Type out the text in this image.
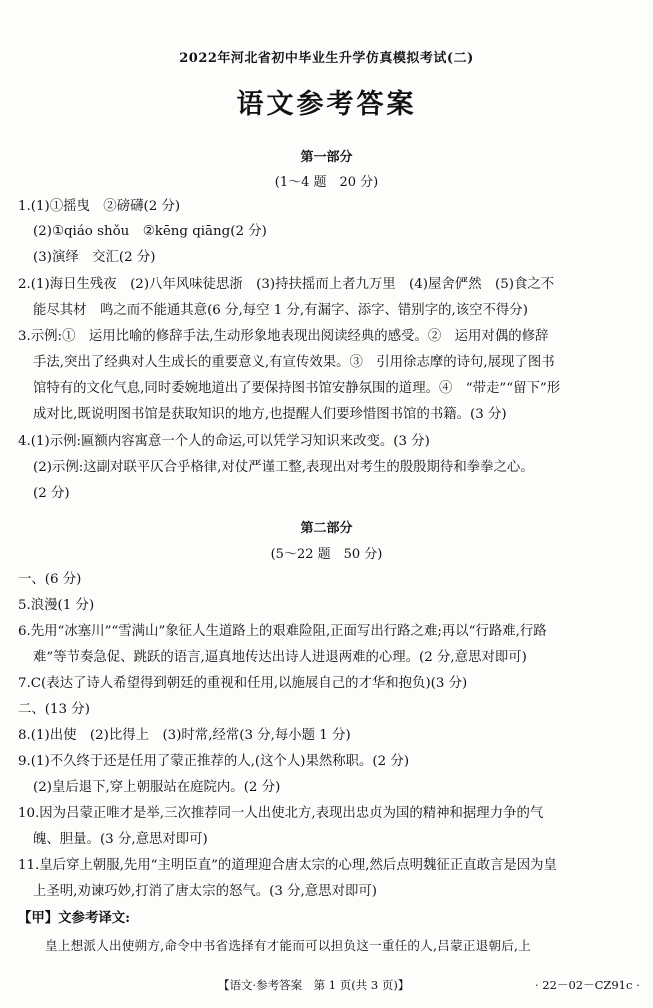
2022年河北省初中毕业生升学仿真模拟考试(二)
语文参考答案
第一部分
(1～4 题　20 分)
1.(1)①摇曳　②磅礴(2 分)
(2)①qiáo shǒu　②kēng qiāng(2 分)
(3)演绎　交汇(2 分)
2.(1)海日生残夜　(2)八年风味徒思浙　(3)持扶摇而上者九万里　(4)屋舍俨然　(5)食之不
能尽其材　鸣之而不能通其意(6 分,每空 1 分,有漏字、添字、错别字的,该空不得分)
3.示例:①　运用比喻的修辞手法,生动形象地表现出阅读经典的感受。②　运用对偶的修辞
手法,突出了经典对人生成长的重要意义,有宣传效果。③　引用徐志摩的诗句,展现了图书
馆特有的文化气息,同时委婉地道出了要保持图书馆安静氛围的道理。④　“带走”“留下”形
成对比,既说明图书馆是获取知识的地方,也提醒人们要珍惜图书馆的书籍。(3 分)
4.(1)示例:匾额内容寓意一个人的命运,可以凭学习知识来改变。(3 分)
(2)示例:这副对联平仄合乎格律,对仗严谨工整,表现出对考生的殷殷期待和拳拳之心。
(2 分)
第二部分
(5～22 题　50 分)
一、(6 分)
5.浪漫(1 分)
6.先用“冰塞川”“雪满山”象征人生道路上的艰难险阻,正面写出行路之难;再以“行路难,行路
难”等节奏急促、跳跃的语言,逼真地传达出诗人进退两难的心理。(2 分,意思对即可)
7.C(表达了诗人希望得到朝廷的重视和任用,以施展自己的才华和抱负)(3 分)
二、(13 分)
8.(1)出使　(2)比得上　(3)时常,经常(3 分,每小题 1 分)
9.(1)不久终于还是任用了蒙正推荐的人,(这个人)果然称职。(2 分)
(2)皇后退下,穿上朝服站在庭院内。(2 分)
10.因为吕蒙正唯才是举,三次推荐同一人出使北方,表现出忠贞为国的精神和据理力争的气
魄、胆量。(3 分,意思对即可)
11.皇后穿上朝服,先用“主明臣直”的道理迎合唐太宗的心理,然后点明魏征正直敢言是因为皇
上圣明,劝谏巧妙,打消了唐太宗的怒气。(3 分,意思对即可)
【甲】文参考译文:
皇上想派人出使朔方,命令中书省选择有才能而可以担负这一重任的人,吕蒙正退朝后,上
【语文·参考答案　第 1 页(共 3 页)】	· 22－02－CZ91c ·
